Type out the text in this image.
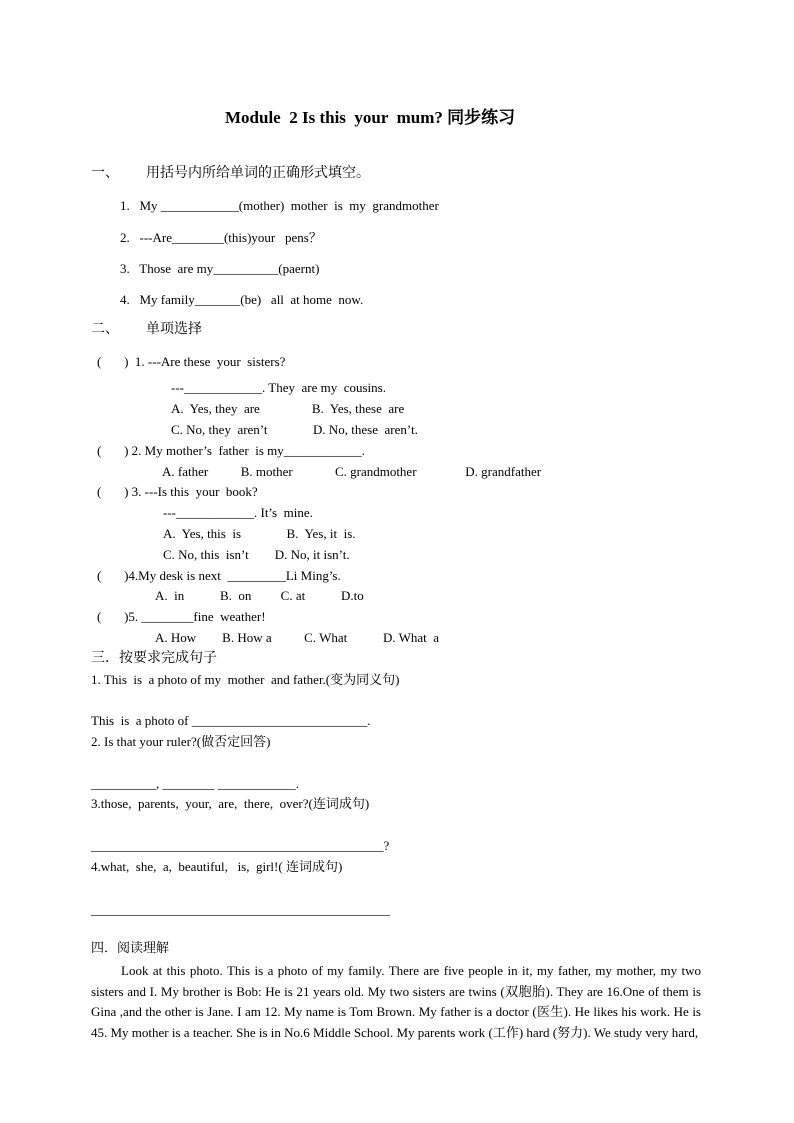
Module  2 Is this  your  mum? 同步练习
一、 用括号内所给单词的正确形式填空。
1.   My ____________(mother)  mother  is  my  grandmother
2.   ---Are________(this)your   pens？
3.   Those  are my__________(paernt)
4.   My family_______(be)   all  at home  now.
二、 单项选择
(       )  1. ---Are these  your  sisters?
---____________. They  are my  cousins.
A.  Yes, they  are                B.  Yes, these  are
C. No, they  aren’t              D. No, these  aren’t.
(       ) 2. My mother’s  father  is my____________.
A. father          B. mother             C. grandmother               D. grandfather
(       ) 3. ---Is this  your  book?
---____________. It’s  mine.
A.  Yes, this  is              B.  Yes, it  is.
C. No, this  isn’t        D. No, it isn’t.
(       )4.My desk is next  _________Li Ming’s.
A.  in           B.  on         C. at           D.to
(       )5. ________fine  weather!
A. How        B. How a          C. What           D. What  a
三．按要求完成句子
1. This  is  a photo of my  mother  and father.(变为同义句)
This  is  a photo of ___________________________.
2. Is that your ruler?(做否定回答)
__________, ________ ____________.
3.those,  parents,  your,  are,  there,  over?(连词成句)
_____________________________________________?
4.what,  she,  a,  beautiful,   is,  girl!( 连词成句)
______________________________________________
四．阅读理解

Look at this photo. This is a photo of my family. There are five people in it, my father, my mother, my two sisters and I. My brother is Bob: He is 21 years old. My two sisters are twins (双胞胎). They are 16.One of them is Gina ,and the other is Jane. I am 12. My name is Tom Brown. My father is a doctor (医生). He likes his work. He is 45. My mother is a teacher. She is in No.6 Middle School. My parents work (工作) hard (努力). We study very hard,
